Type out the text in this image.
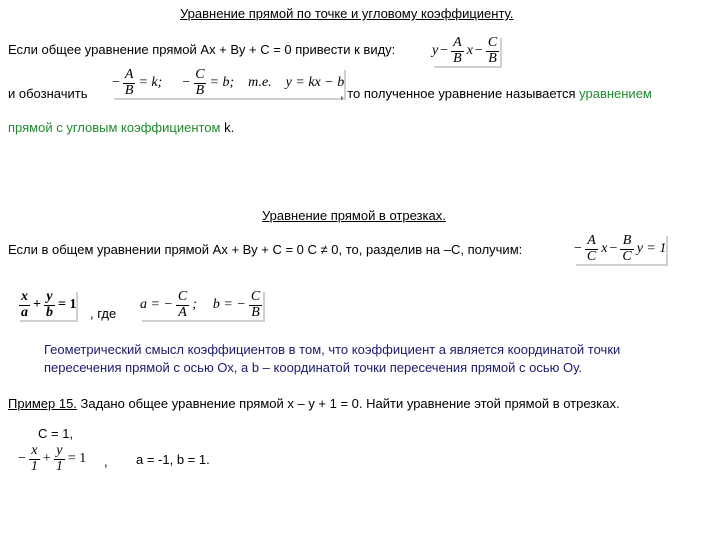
Уравнение прямой по точке и угловому коэффициенту.
Если общее уравнение прямой Ах + Ву + С = 0 привести к виду:	$y - \frac{A}{B}$ $x - \frac{C}{B}$
и обозначить
− $\frac{A}{B} = k$; − $\frac{C}{B} = b$; т.е. y = kx − b
, то полученное уравнение называется уравнением
прямой с угловым коэффициентом k.
Уравнение прямой в отрезках.
Если в общем уравнении прямой Ах + Ву + С = 0 С ≠ 0, то, разделив на –С, получим:	− $\frac{A}{C}$ $x - \frac{B}{C}$ y = 1
$\frac{x}{a} + \frac{y}{b} = 1$
, где
a = − $\frac{C}{A}$ ; b = − $\frac{C}{B}$
Геометрический смысл коэффициентов в том, что коэффициент а является координатой точки
пересечения прямой с осью Ох, а b – координатой точки пересечения прямой с осью Оу.
Пример 15. Задано общее уравнение прямой х – у + 1 = 0. Найти уравнение этой прямой в отрезках.
С = 1,
− $\frac{x}{1} + \frac{y}{1} = 1$ , а = -1, b = 1.
